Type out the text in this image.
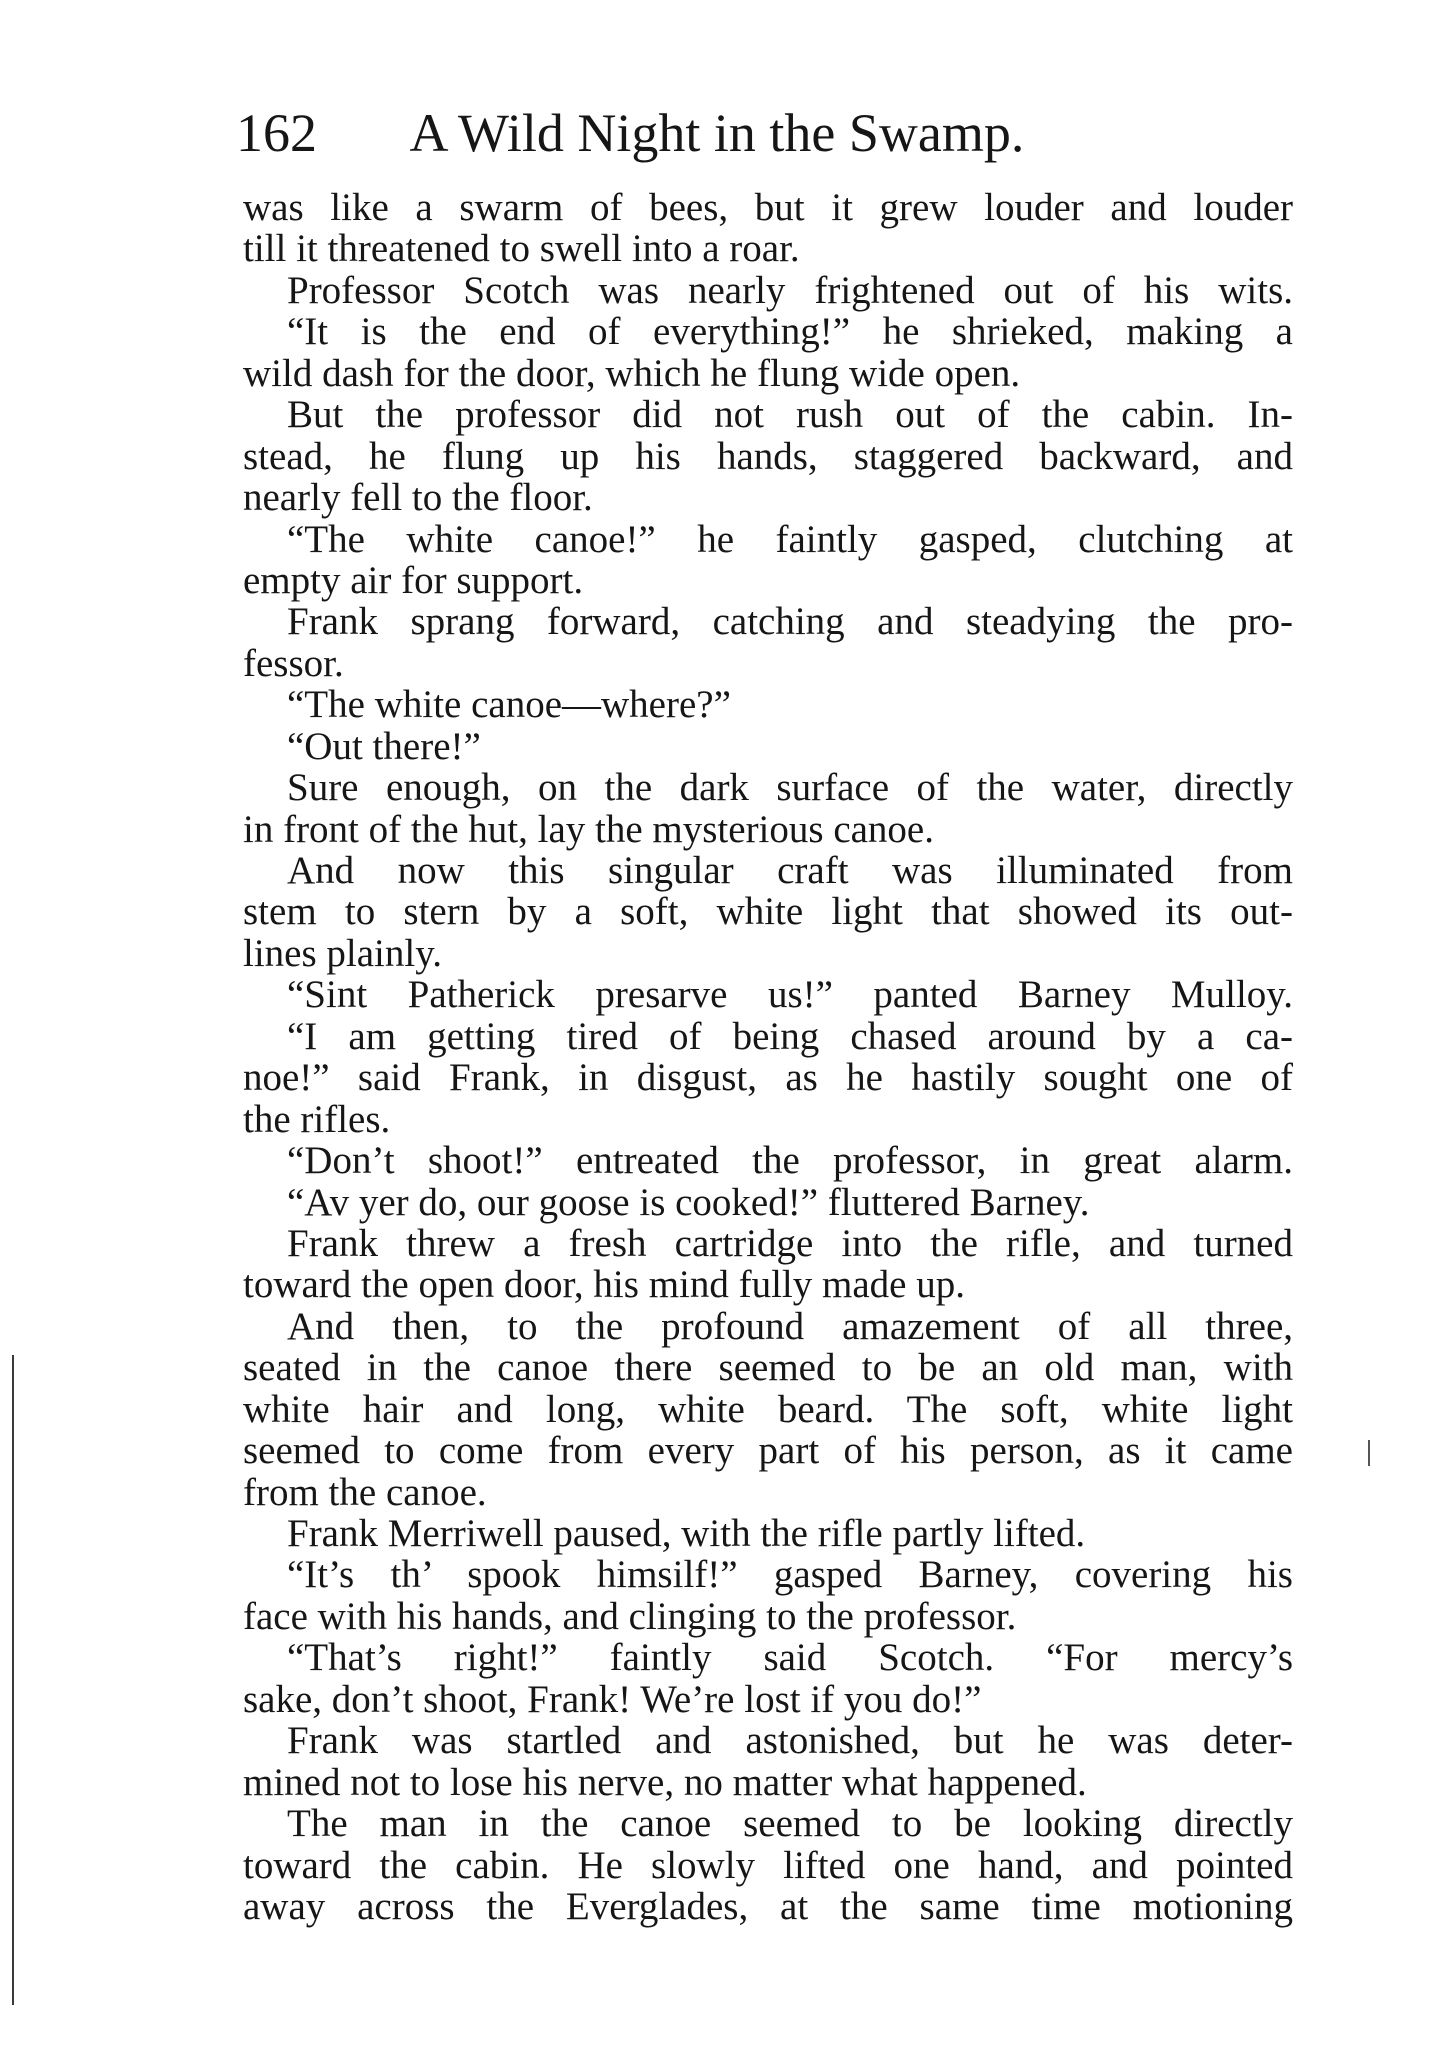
162 A Wild Night in the Swamp.
was like a swarm of bees, but it grew louder and louder
till it threatened to swell into a roar.
Professor Scotch was nearly frightened out of his wits.
“It is the end of everything!” he shrieked, making a
wild dash for the door, which he flung wide open.
But the professor did not rush out of the cabin. In-
stead, he flung up his hands, staggered backward, and
nearly fell to the floor.
“The white canoe!” he faintly gasped, clutching at
empty air for support.
Frank sprang forward, catching and steadying the pro-
fessor.
“The white canoe—where?”
“Out there!”
Sure enough, on the dark surface of the water, directly
in front of the hut, lay the mysterious canoe.
And now this singular craft was illuminated from
stem to stern by a soft, white light that showed its out-
lines plainly.
“Sint Patherick presarve us!” panted Barney Mulloy.
“I am getting tired of being chased around by a ca-
noe!” said Frank, in disgust, as he hastily sought one of
the rifles.
“Don’t shoot!” entreated the professor, in great alarm.
“Av yer do, our goose is cooked!” fluttered Barney.
Frank threw a fresh cartridge into the rifle, and turned
toward the open door, his mind fully made up.
And then, to the profound amazement of all three,
seated in the canoe there seemed to be an old man, with
white hair and long, white beard. The soft, white light
seemed to come from every part of his person, as it came
from the canoe.
Frank Merriwell paused, with the rifle partly lifted.
“It’s th’ spook himsilf!” gasped Barney, covering his
face with his hands, and clinging to the professor.
“That’s right!” faintly said Scotch. “For mercy’s
sake, don’t shoot, Frank! We’re lost if you do!”
Frank was startled and astonished, but he was deter-
mined not to lose his nerve, no matter what happened.
The man in the canoe seemed to be looking directly
toward the cabin. He slowly lifted one hand, and pointed
away across the Everglades, at the same time motioning
